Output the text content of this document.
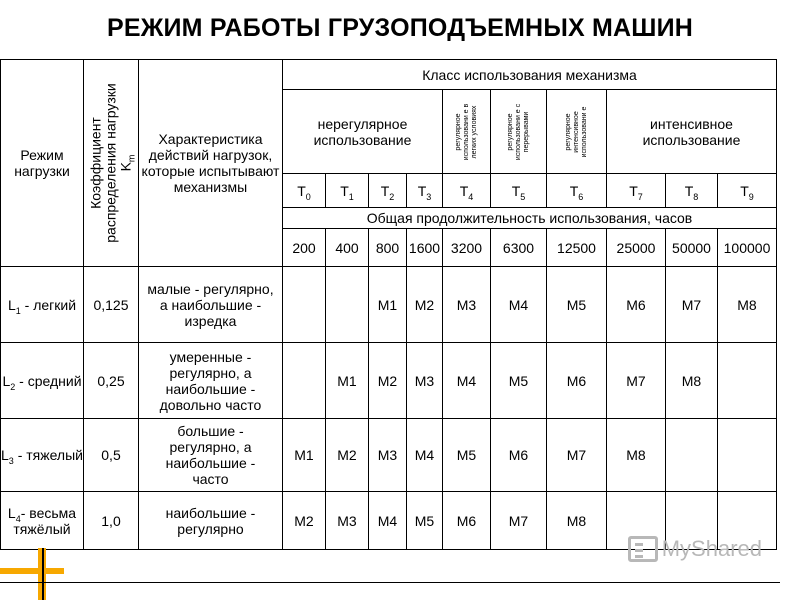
РЕЖИМ РАБОТЫ ГРУЗОПОДЪЕМНЫХ МАШИН
Режим нагрузки	Коэффициент распределения нагрузки $K_m$	Характеристика действий нагрузок, которые испытывают механизмы	Класс использования механизма									
			нерегулярное использование				регулярное использовани е в легких условиях	регулярное использовани е с перерывами	регулярное интенсивное использовани е	интенсивное использование		
			$T_0$	$T_1$	$T_2$	$T_3$	$T_4$	$T_5$	$T_6$	$T_7$	$T_8$	$T_9$
			Общая продолжительность использования, часов									
			200	400	800	1600	3200	6300	12500	25000	50000	100000
$L_1$ - легкий	0,125	малые - регулярно, а наибольшие - изредка			M1	M2	M3	M4	M5	M6	M7	M8
$L_2$ - средний	0,25	умеренные - регулярно, а наибольшие - довольно часто		M1	M2	M3	M4	M5	M6	M7	M8	
$L_3$ - тяжелый	0,5	большие - регулярно, а наибольшие - часто	M1	M2	M3	M4	M5	M6	M7	M8		
$L_4-$ весьма тяжёлый	1,0	наибольшие - регулярно	M2	M3	M4	M5	M6	M7	M8			
MyShared
